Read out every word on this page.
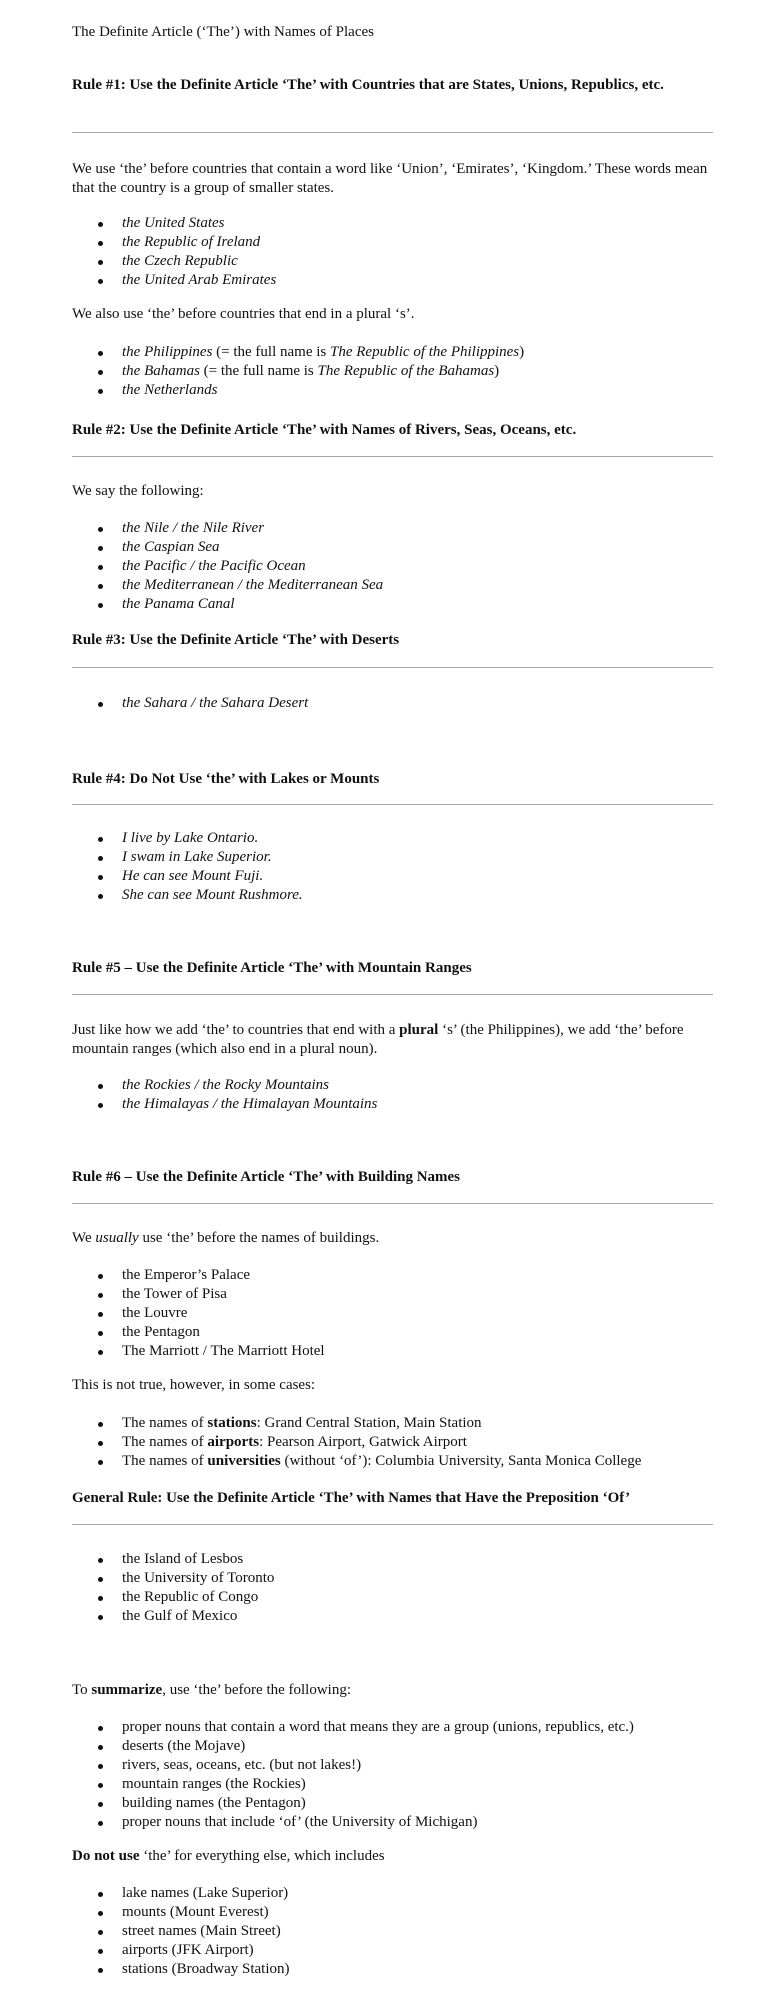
The Definite Article (‘The’) with Names of Places
Rule #1: Use the Definite Article ‘The’ with Countries that are States, Unions, Republics, etc.

We use ‘the’ before countries that contain a word like ‘Union’, ‘Emirates’, ‘Kingdom.’ These words mean that the country is a group of smaller states.

the United States
the Republic of Ireland
the Czech Republic
the United Arab Emirates

We also use ‘the’ before countries that end in a plural ‘s’.

the Philippines (= the full name is The Republic of the Philippines)
the Bahamas (= the full name is The Republic of the Bahamas)
the Netherlands
Rule #2: Use the Definite Article ‘The’ with Names of Rivers, Seas, Oceans, etc.

We say the following:

the Nile / the Nile River
the Caspian Sea
the Pacific / the Pacific Ocean
the Mediterranean / the Mediterranean Sea
the Panama Canal
Rule #3: Use the Definite Article ‘The’ with Deserts
the Sahara / the Sahara Desert
Rule #4: Do Not Use ‘the’ with Lakes or Mounts
I live by Lake Ontario.
I swam in Lake Superior.
He can see Mount Fuji.
She can see Mount Rushmore.
Rule #5 – Use the Definite Article ‘The’ with Mountain Ranges

Just like how we add ‘the’ to countries that end with a plural ‘s’ (the Philippines), we add ‘the’ before mountain ranges (which also end in a plural noun).

the Rockies / the Rocky Mountains
the Himalayas / the Himalayan Mountains
Rule #6 – Use the Definite Article ‘The’ with Building Names

We usually use ‘the’ before the names of buildings.

the Emperor’s Palace
the Tower of Pisa
the Louvre
the Pentagon
The Marriott / The Marriott Hotel

This is not true, however, in some cases:

The names of stations: Grand Central Station, Main Station
The names of airports: Pearson Airport, Gatwick Airport
The names of universities (without ‘of’): Columbia University, Santa Monica College
General Rule: Use the Definite Article ‘The’ with Names that Have the Preposition ‘Of’
the Island of Lesbos
the University of Toronto
the Republic of Congo
the Gulf of Mexico

To summarize, use ‘the’ before the following:

proper nouns that contain a word that means they are a group (unions, republics, etc.)
deserts (the Mojave)
rivers, seas, oceans, etc. (but not lakes!)
mountain ranges (the Rockies)
building names (the Pentagon)
proper nouns that include ‘of’ (the University of Michigan)

Do not use ‘the’ for everything else, which includes

lake names (Lake Superior)
mounts (Mount Everest)
street names (Main Street)
airports (JFK Airport)
stations (Broadway Station)
